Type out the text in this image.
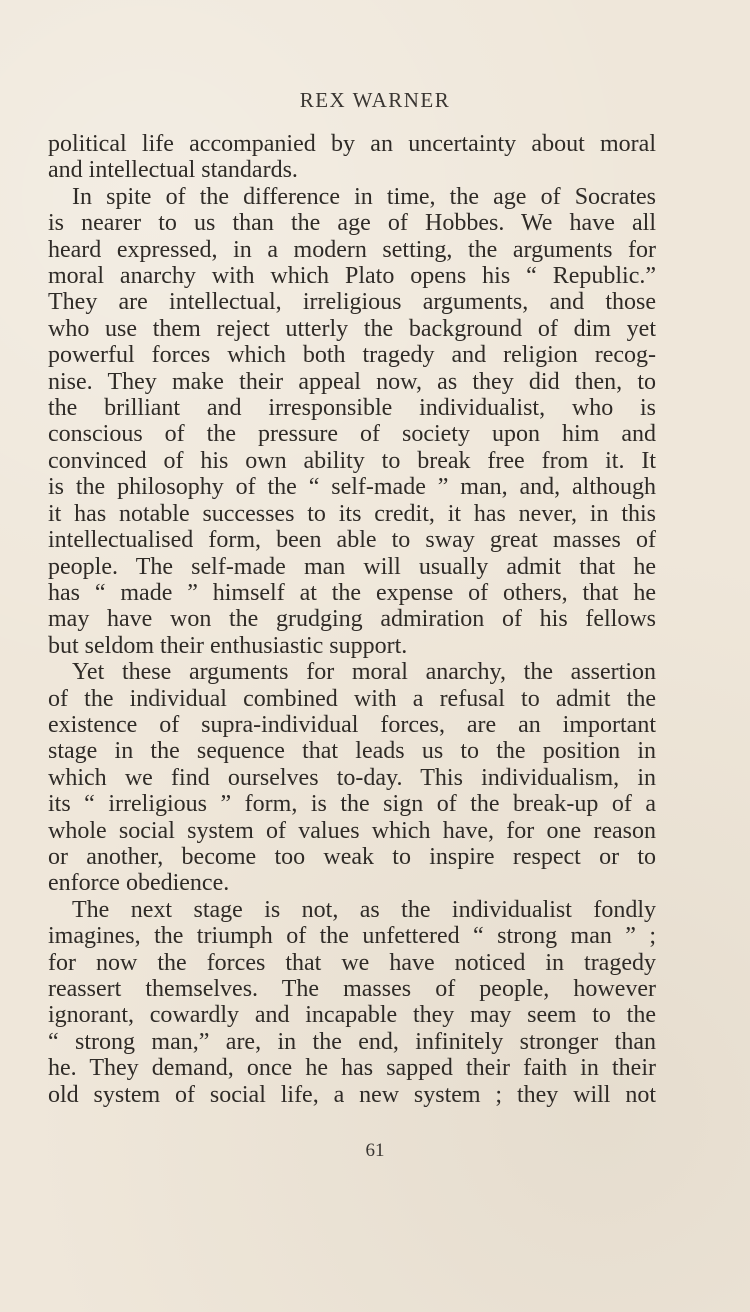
REX WARNER

political life accompanied by an uncertainty about moral
and intellectual standards.

In spite of the difference in time, the age of Socrates
is nearer to us than the age of Hobbes. We have all
heard expressed, in a modern setting, the arguments for
moral anarchy with which Plato opens his “ Republic.”
They are intellectual, irreligious arguments, and those
who use them reject utterly the background of dim yet
powerful forces which both tragedy and religion recog-
nise. They make their appeal now, as they did then, to
the brilliant and irresponsible individualist, who is
conscious of the pressure of society upon him and
convinced of his own ability to break free from it. It
is the philosophy of the “ self-made ” man, and, although
it has notable successes to its credit, it has never, in this
intellectualised form, been able to sway great masses of
people. The self-made man will usually admit that he
has “ made ” himself at the expense of others, that he
may have won the grudging admiration of his fellows
but seldom their enthusiastic support.

Yet these arguments for moral anarchy, the assertion
of the individual combined with a refusal to admit the
existence of supra-individual forces, are an important
stage in the sequence that leads us to the position in
which we find ourselves to-day. This individualism, in
its “ irreligious ” form, is the sign of the break-up of a
whole social system of values which have, for one reason
or another, become too weak to inspire respect or to
enforce obedience.

The next stage is not, as the individualist fondly
imagines, the triumph of the unfettered “ strong man ” ;
for now the forces that we have noticed in tragedy
reassert themselves. The masses of people, however
ignorant, cowardly and incapable they may seem to the
“ strong man,” are, in the end, infinitely stronger than
he. They demand, once he has sapped their faith in their
old system of social life, a new system ; they will not

61
